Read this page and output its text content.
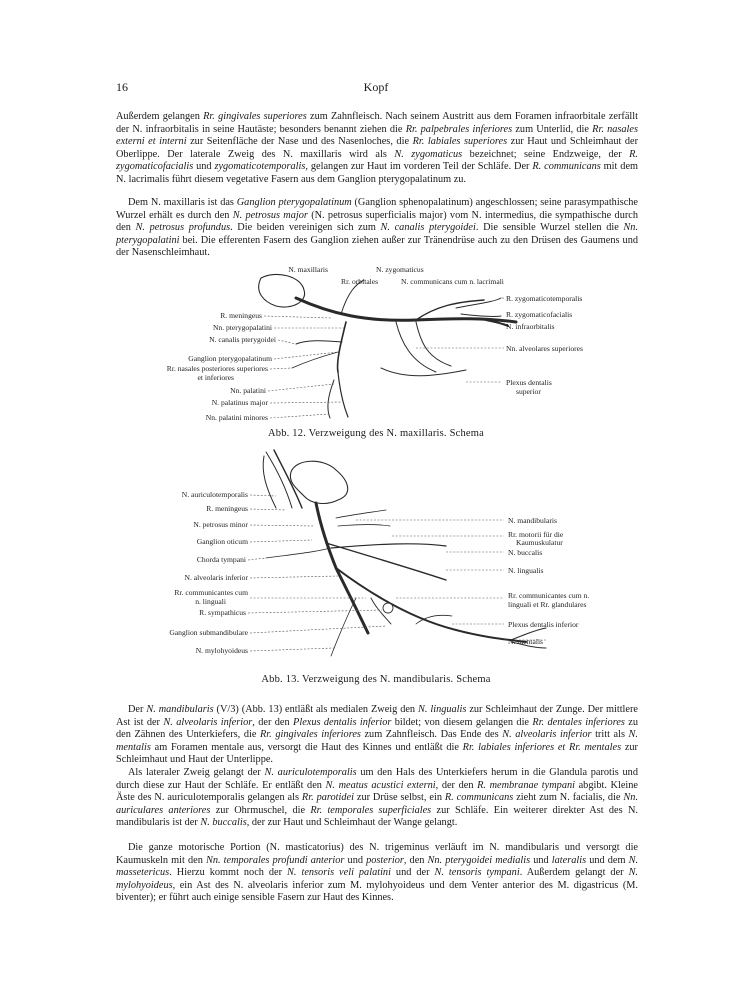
16	Kopf

Außerdem gelangen Rr. gingivales superiores zum Zahnfleisch. Nach seinem Austritt aus dem Foramen infraorbitale zerfällt der N. infraorbitalis in seine Hautäste; besonders benannt ziehen die Rr. palpebrales inferiores zum Unterlid, die Rr. nasales externi et interni zur Seitenfläche der Nase und des Nasenloches, die Rr. labiales superiores zur Haut und Schleimhaut der Oberlippe. Der laterale Zweig des N. maxillaris wird als N. zygomaticus bezeichnet; seine Endzweige, der R. zygomaticofacialis und zygomaticotemporalis, gelangen zur Haut im vorderen Teil der Schläfe. Der R. communicans mit dem N. lacrimalis führt diesem vegetative Fasern aus dem Ganglion pterygopalatinum zu.

Dem N. maxillaris ist das Ganglion pterygopalatinum (Ganglion sphenopalatinum) angeschlossen; seine parasympathische Wurzel erhält es durch den N. petrosus major (N. petrosus superficialis major) vom N. intermedius, die sympathische durch den N. petrosus profundus. Die beiden vereinigen sich zum N. canalis pterygoidei. Die sensible Wurzel stellen die Nn. pterygopalatini bei. Die efferenten Fasern des Ganglion ziehen außer zur Tränendrüse auch zu den Drüsen des Gaumens und der Nasenschleimhaut.

N. maxillaris	N. zygomaticus
Rr. orbitales	N. communicans cum n. lacrimali
R. meningeus
Nn. pterygopalatini
N. canalis pterygoidei
Ganglion pterygopalatinum
Rr. nasales posteriores superiores
et inferiores
Nn. palatini
N. palatinus major
Nn. palatini minores
R. zygomaticotemporalis
R. zygomaticofacialis
N. infraorbitalis
Nn. alveolares superiores
Plexus dentalis
superior
Abb. 12. Verzweigung des N. maxillaris. Schema
N. auriculotemporalis
R. meningeus
N. petrosus minor
Ganglion oticum
Chorda tympani
N. alveolaris inferior
Rr. communicantes cum
n. linguali
R. sympathicus
Ganglion submandibulare
N. mylohyoideus
N. mandibularis
Rr. motorii für die
Kaumuskulatur
N. buccalis
N. lingualis
Rr. communicantes cum n.
linguali et Rr. glandulares
Plexus dentalis inferior
N. mentalis
Abb. 13. Verzweigung des N. mandibularis. Schema

Der N. mandibularis (V/3) (Abb. 13) entläßt als medialen Zweig den N. lingualis zur Schleimhaut der Zunge. Der mittlere Ast ist der N. alveolaris inferior, der den Plexus dentalis inferior bildet; von diesem gelangen die Rr. dentales inferiores zu den Zähnen des Unterkiefers, die Rr. gingivales inferiores zum Zahnfleisch. Das Ende des N. alveolaris inferior tritt als N. mentalis am Foramen mentale aus, versorgt die Haut des Kinnes und entläßt die Rr. labiales inferiores et Rr. mentales zur Schleimhaut und Haut der Unterlippe.

Als lateraler Zweig gelangt der N. auriculotemporalis um den Hals des Unterkiefers herum in die Glandula parotis und durch diese zur Haut der Schläfe. Er entläßt den N. meatus acustici externi, der den R. membranae tympani abgibt. Kleine Äste des N. auriculotemporalis gelangen als Rr. parotidei zur Drüse selbst, ein R. communicans zieht zum N. facialis, die Nn. auriculares anteriores zur Ohrmuschel, die Rr. temporales superficiales zur Schläfe. Ein weiterer direkter Ast des N. mandibularis ist der N. buccalis, der zur Haut und Schleimhaut der Wange gelangt.

Die ganze motorische Portion (N. masticatorius) des N. trigeminus verläuft im N. mandibularis und versorgt die Kaumuskeln mit den Nn. temporales profundi anterior und posterior, den Nn. pterygoidei medialis und lateralis und dem N. massetericus. Hierzu kommt noch der N. tensoris veli palatini und der N. tensoris tympani. Außerdem gelangt der N. mylohyoideus, ein Ast des N. alveolaris inferior zum M. mylohyoideus und dem Venter anterior des M. digastricus (M. biventer); er führt auch einige sensible Fasern zur Haut des Kinnes.
